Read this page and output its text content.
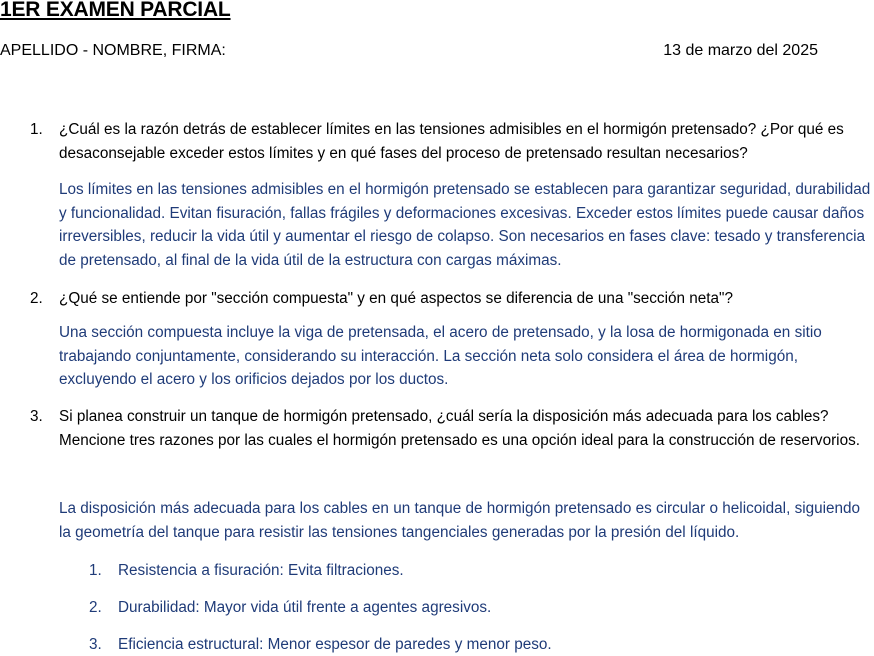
1ER EXAMEN PARCIAL
APELLIDO - NOMBRE, FIRMA:	13 de marzo del 2025
1. ¿Cuál es la razón detrás de establecer límites en las tensiones admisibles en el hormigón pretensado? ¿Por qué es desaconsejable exceder estos límites y en qué fases del proceso de pretensado resultan necesarios?
Los límites en las tensiones admisibles en el hormigón pretensado se establecen para garantizar seguridad, durabilidad y funcionalidad. Evitan fisuración, fallas frágiles y deformaciones excesivas. Exceder estos límites puede causar daños irreversibles, reducir la vida útil y aumentar el riesgo de colapso. Son necesarios en fases clave: tesado y transferencia de pretensado, al final de la vida útil de la estructura con cargas máximas.
2. ¿Qué se entiende por "sección compuesta" y en qué aspectos se diferencia de una "sección neta"?
Una sección compuesta incluye la viga de pretensada, el acero de pretensado, y la losa de hormigonada en sitio trabajando conjuntamente, considerando su interacción. La sección neta solo considera el área de hormigón, excluyendo el acero y los orificios dejados por los ductos.
3. Si planea construir un tanque de hormigón pretensado, ¿cuál sería la disposición más adecuada para los cables? Mencione tres razones por las cuales el hormigón pretensado es una opción ideal para la construcción de reservorios.
La disposición más adecuada para los cables en un tanque de hormigón pretensado es circular o helicoidal, siguiendo la geometría del tanque para resistir las tensiones tangenciales generadas por la presión del líquido.
1. Resistencia a fisuración: Evita filtraciones.
2. Durabilidad: Mayor vida útil frente a agentes agresivos.
3. Eficiencia estructural: Menor espesor de paredes y menor peso.
